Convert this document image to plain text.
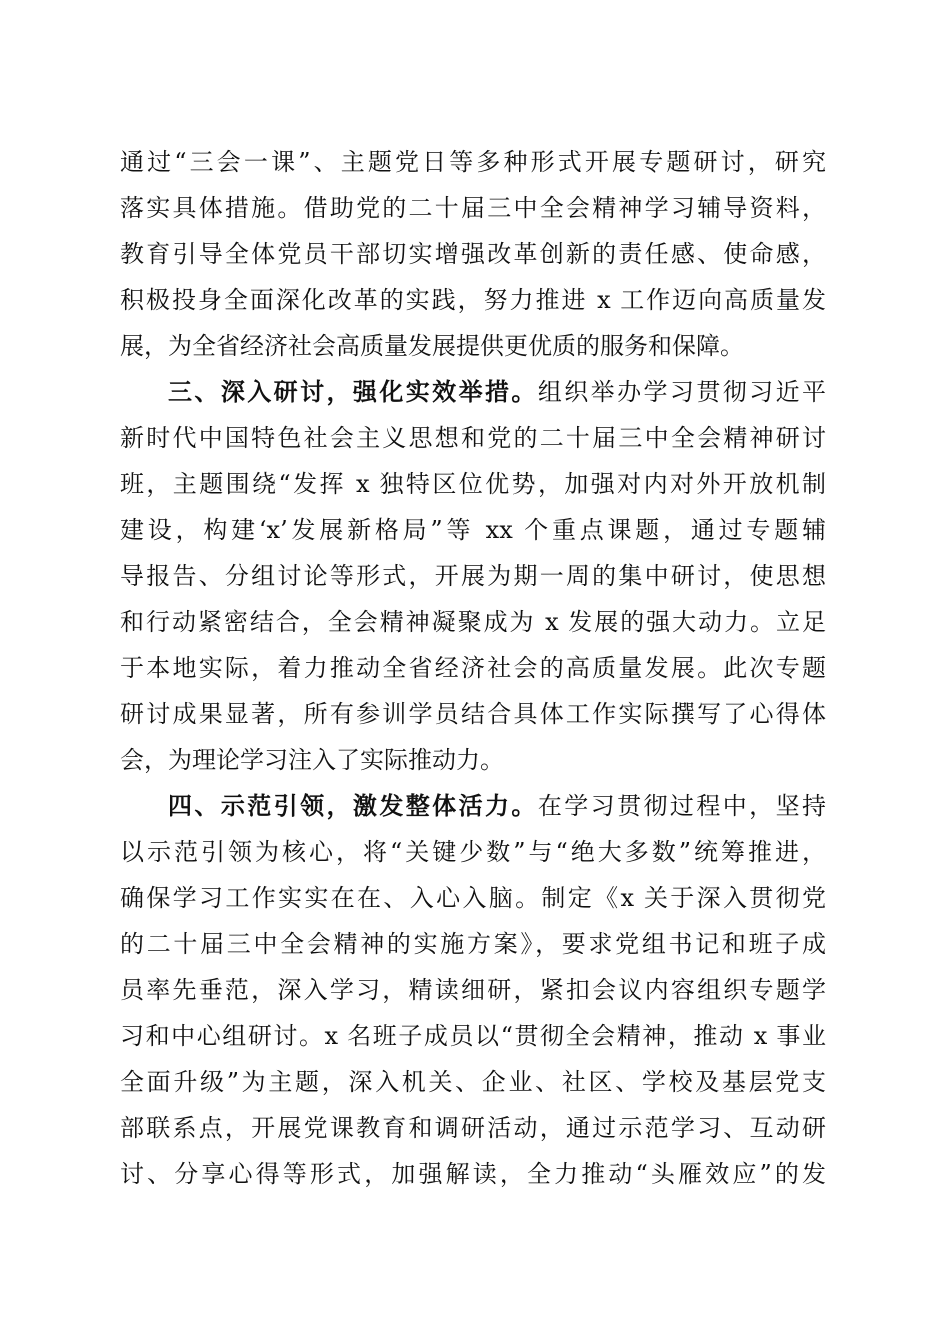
通过“三会一课”、主题党日等多种形式开展专题研讨，研究
落实具体措施。借助党的二十届三中全会精神学习辅导资料，
教育引导全体党员干部切实增强改革创新的责任感、使命感，
积极投身全面深化改革的实践，努力推进 x 工作迈向高质量发
展，为全省经济社会高质量发展提供更优质的服务和保障。
三、深入研讨，强化实效举措。组织举办学习贯彻习近平
新时代中国特色社会主义思想和党的二十届三中全会精神研讨
班，主题围绕“发挥 x 独特区位优势，加强对内对外开放机制
建设，构建‘x’发展新格局”等 xx 个重点课题，通过专题辅
导报告、分组讨论等形式，开展为期一周的集中研讨，使思想
和行动紧密结合，全会精神凝聚成为 x 发展的强大动力。立足
于本地实际，着力推动全省经济社会的高质量发展。此次专题
研讨成果显著，所有参训学员结合具体工作实际撰写了心得体
会，为理论学习注入了实际推动力。
四、示范引领，激发整体活力。在学习贯彻过程中，坚持
以示范引领为核心，将“关键少数”与“绝大多数”统筹推进，
确保学习工作实实在在、入心入脑。制定《x 关于深入贯彻党
的二十届三中全会精神的实施方案》，要求党组书记和班子成
员率先垂范，深入学习，精读细研，紧扣会议内容组织专题学
习和中心组研讨。x 名班子成员以“贯彻全会精神，推动 x 事业
全面升级”为主题，深入机关、企业、社区、学校及基层党支
部联系点，开展党课教育和调研活动，通过示范学习、互动研
讨、分享心得等形式，加强解读，全力推动“头雁效应”的发
